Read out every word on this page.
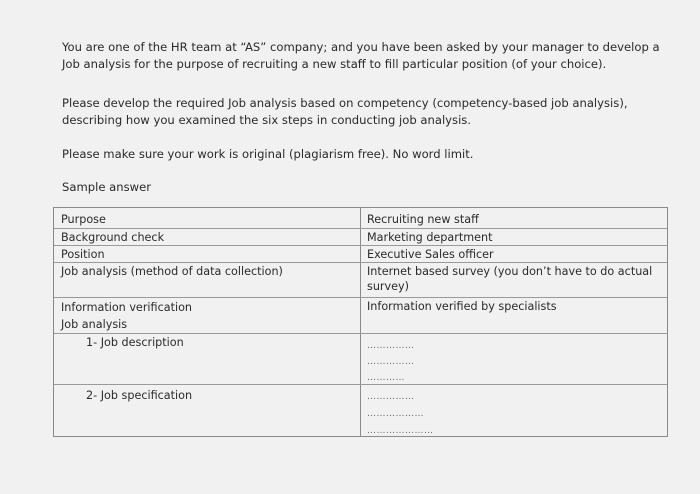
You are one of the HR team at “AS” company; and you have been asked by your manager to develop a Job analysis for the purpose of recruiting a new staff to fill particular position (of your choice).

Please develop the required Job analysis based on competency (competency-based job analysis), describing how you examined the six steps in conducting job analysis.

Please make sure your work is original (plagiarism free). No word limit.

Sample answer

Purpose	Recruiting new staff
Background check	Marketing department
Position	Executive Sales officer
Job analysis (method of data collection)	Internet based survey (you don’t have to do actual survey)
Information verification	Information verified by specialists
Job analysis
1- Job description	……………
……………
…………
2- Job specification	……………
………………
…………………
